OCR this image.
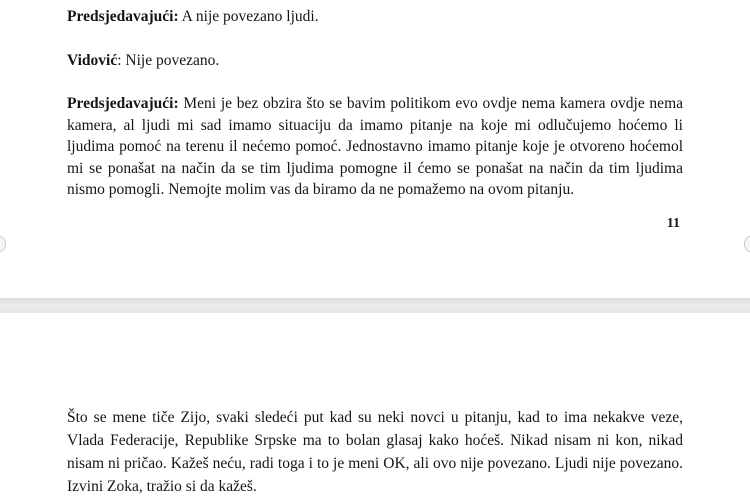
Predsjedavajući: A nije povezano ljudi.
Vidović: Nije povezano.
Predsjedavajući: Meni je bez obzira što se bavim politikom evo ovdje nema kamera ovdje nema kamera, al ljudi mi sad imamo situaciju da imamo pitanje na koje mi odlučujemo hoćemo li ljudima pomoć na terenu il nećemo pomoć. Jednostavno imamo pitanje koje je otvoreno hoćemol mi se ponašat na način da se tim ljudima pomogne il ćemo se ponašat na način da tim ljudima nismo pomogli. Nemojte molim vas da biramo da ne pomažemo na ovom pitanju.
11
Što se mene tiče Zijo, svaki sledeći put kad su neki novci u pitanju, kad to ima nekakve veze, Vlada Federacije, Republike Srpske ma to bolan glasaj kako hoćeš. Nikad nisam ni kon, nikad nisam ni pričao. Kažeš neću, radi toga i to je meni OK, ali ovo nije povezano. Ljudi nije povezano. Izvini Zoka, tražio si da kažeš.
